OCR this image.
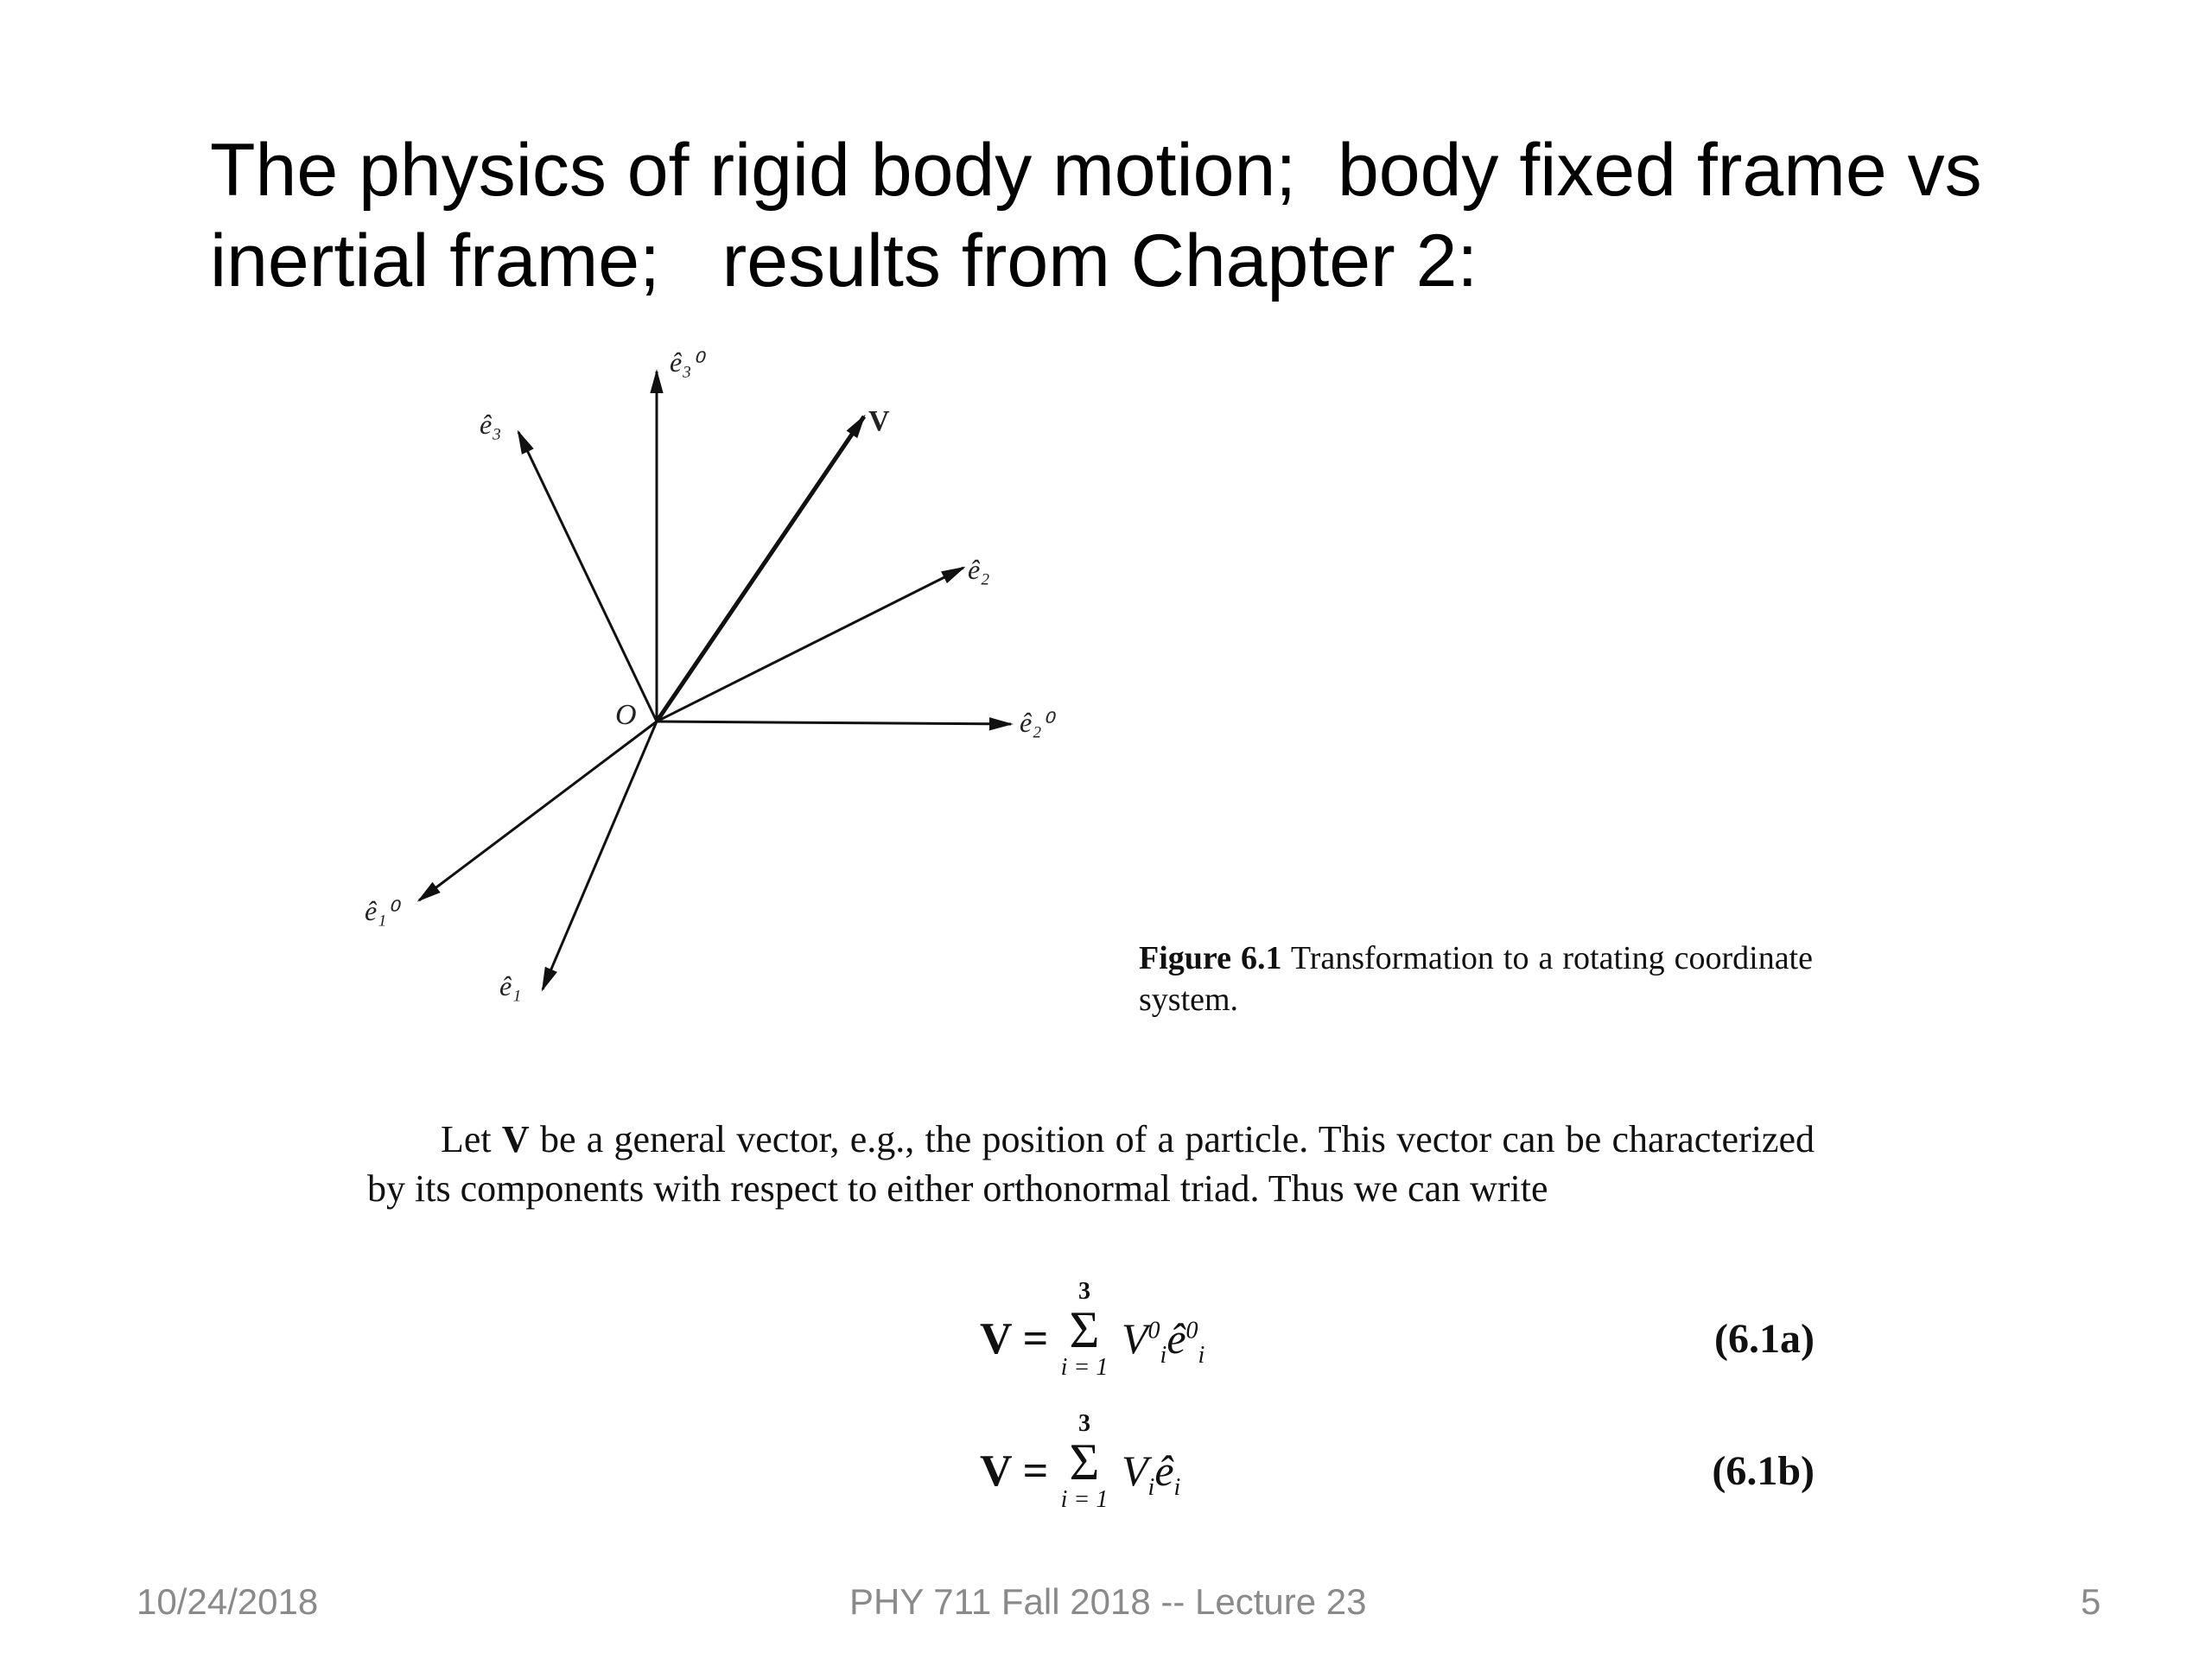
The physics of rigid body motion;  body fixed frame vs
inertial frame;   results from Chapter 2:
O
V
ê₃⁰
ê₃
ê₂
ê₂⁰
ê₁⁰
ê₁
Figure 6.1 Transformation to a rotating coordinate system.
Let V be a general vector, e.g., the position of a particle. This vector can be characterized by its components with respect to either orthonormal triad. Thus we can write
V =
3
Σ
i = 1
$V^0_iê^0_i$	(6.1a)
V =
3
Σ
i = 1
$V_iê_i$	(6.1b)
10/24/2018	PHY 711 Fall 2018 -- Lecture 23	5
